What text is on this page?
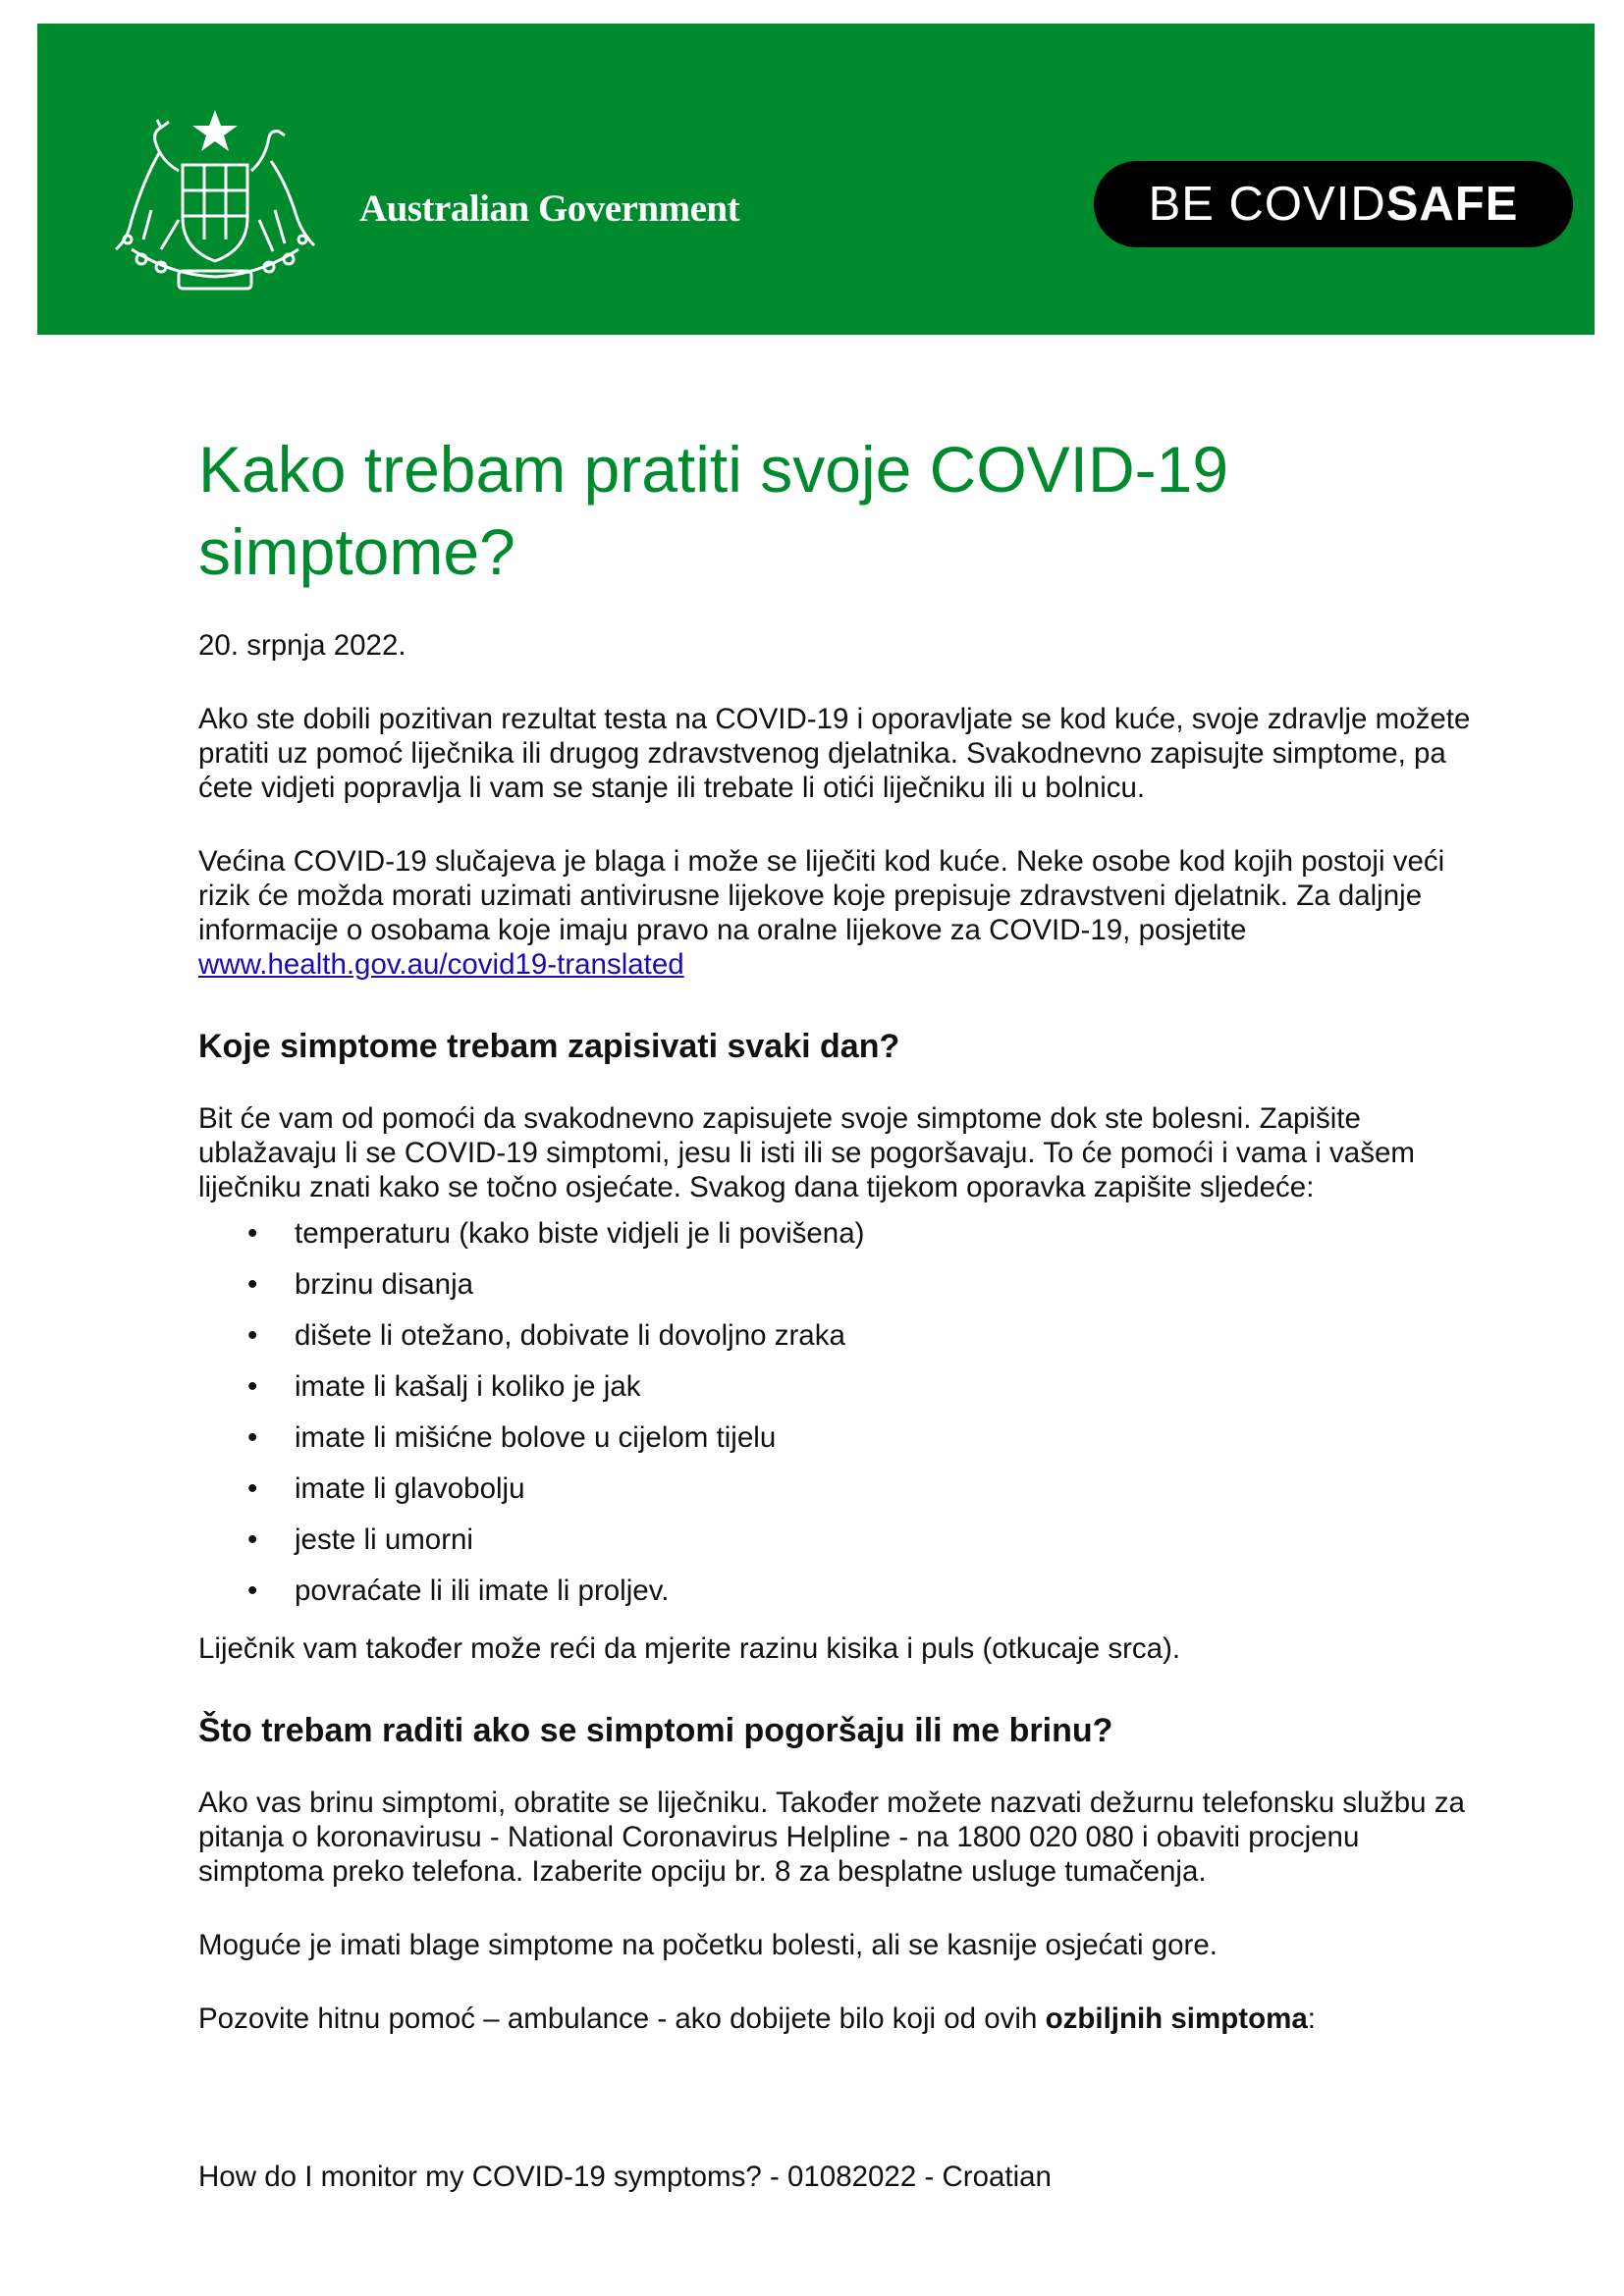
Australian Government	BE COVID SAFE
Kako trebam pratiti svoje COVID-19 simptome?

20. srpnja 2022.

Ako ste dobili pozitivan rezultat testa na COVID-19 i oporavljate se kod kuće, svoje zdravlje možete pratiti uz pomoć liječnika ili drugog zdravstvenog djelatnika. Svakodnevno zapisujte simptome, pa ćete vidjeti popravlja li vam se stanje ili trebate li otići liječniku ili u bolnicu.

Većina COVID-19 slučajeva je blaga i može se liječiti kod kuće. Neke osobe kod kojih postoji veći rizik će možda morati uzimati antivirusne lijekove koje prepisuje zdravstveni djelatnik. Za daljnje informacije o osobama koje imaju pravo na oralne lijekove za COVID-19, posjetite www.health.gov.au/covid19-translated

Koje simptome trebam zapisivati svaki dan?

Bit će vam od pomoći da svakodnevno zapisujete svoje simptome dok ste bolesni. Zapišite ublažavaju li se COVID-19 simptomi, jesu li isti ili se pogoršavaju. To će pomoći i vama i vašem liječniku znati kako se točno osjećate. Svakog dana tijekom oporavka zapišite sljedeće:

• temperaturu (kako biste vidjeli je li povišena)
• brzinu disanja
• dišete li otežano, dobivate li dovoljno zraka
• imate li kašalj i koliko je jak
• imate li mišićne bolove u cijelom tijelu
• imate li glavobolju
• jeste li umorni
• povraćate li ili imate li proljev.

Liječnik vam također može reći da mjerite razinu kisika i puls (otkucaje srca).

Što trebam raditi ako se simptomi pogoršaju ili me brinu?

Ako vas brinu simptomi, obratite se liječniku. Također možete nazvati dežurnu telefonsku službu za pitanja o koronavirusu - National Coronavirus Helpline - na 1800 020 080 i obaviti procjenu simptoma preko telefona. Izaberite opciju br. 8 za besplatne usluge tumačenja.

Moguće je imati blage simptome na početku bolesti, ali se kasnije osjećati gore.

Pozovite hitnu pomoć – ambulance - ako dobijete bilo koji od ovih ozbiljnih simptoma:

How do I monitor my COVID-19 symptoms? - 01082022 - Croatian
